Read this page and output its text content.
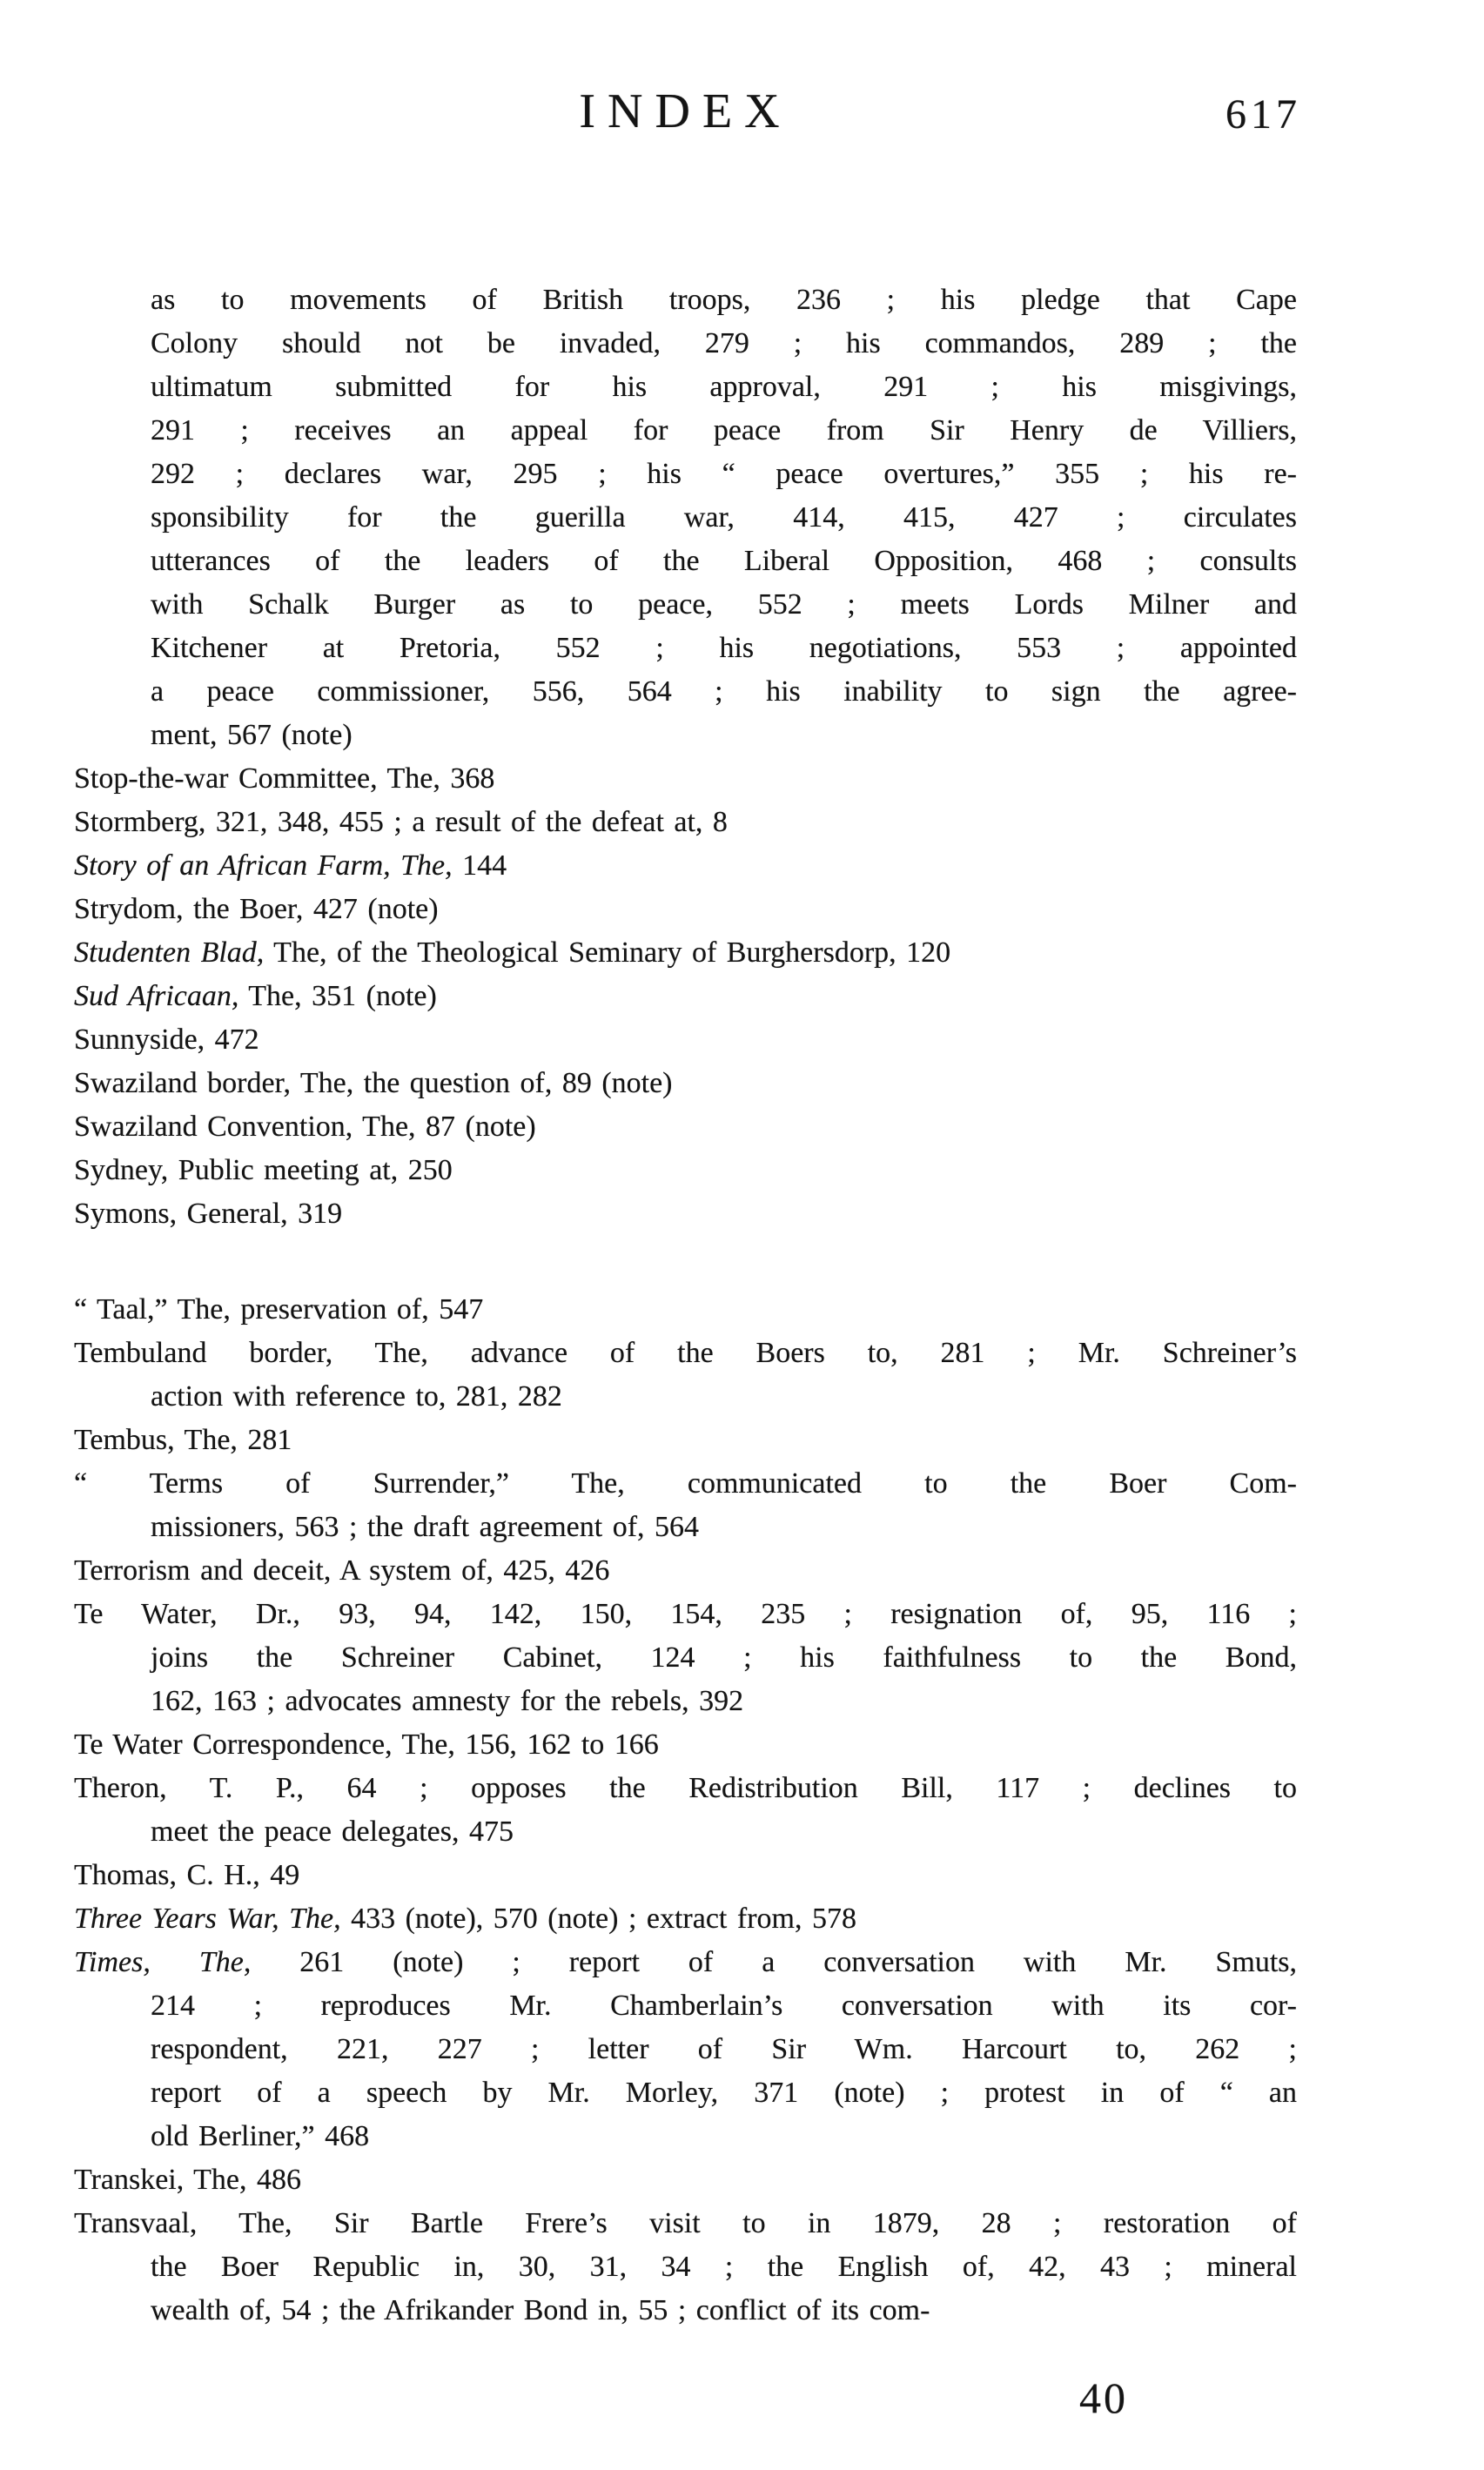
INDEX	617
as to movements of British troops, 236 ; his pledge that Cape
Colony should not be invaded, 279 ; his commandos, 289 ; the
ultimatum submitted for his approval, 291 ; his misgivings,
291 ; receives an appeal for peace from Sir Henry de Villiers,
292 ; declares war, 295 ; his “ peace overtures,” 355 ; his re-
sponsibility for the guerilla war, 414, 415, 427 ; circulates
utterances of the leaders of the Liberal Opposition, 468 ; consults
with Schalk Burger as to peace, 552 ; meets Lords Milner and
Kitchener at Pretoria, 552 ; his negotiations, 553 ; appointed
a peace commissioner, 556, 564 ; his inability to sign the agree-
ment, 567 (note)
Stop-the-war Committee, The, 368
Stormberg, 321, 348, 455 ; a result of the defeat at, 8
Story of an African Farm, The, 144
Strydom, the Boer, 427 (note)
Studenten Blad, The, of the Theological Seminary of Burghersdorp, 120
Sud Africaan, The, 351 (note)
Sunnyside, 472
Swaziland border, The, the question of, 89 (note)
Swaziland Convention, The, 87 (note)
Sydney, Public meeting at, 250
Symons, General, 319
“ Taal,” The, preservation of, 547
Tembuland border, The, advance of the Boers to, 281 ; Mr. Schreiner’s
action with reference to, 281, 282
Tembus, The, 281
“ Terms of Surrender,” The, communicated to the Boer Com-
missioners, 563 ; the draft agreement of, 564
Terrorism and deceit, A system of, 425, 426
Te Water, Dr., 93, 94, 142, 150, 154, 235 ; resignation of, 95, 116 ;
joins the Schreiner Cabinet, 124 ; his faithfulness to the Bond,
162, 163 ; advocates amnesty for the rebels, 392
Te Water Correspondence, The, 156, 162 to 166
Theron, T. P., 64 ; opposes the Redistribution Bill, 117 ; declines to
meet the peace delegates, 475
Thomas, C. H., 49
Three Years War, The, 433 (note), 570 (note) ; extract from, 578
Times, The, 261 (note) ; report of a conversation with Mr. Smuts,
214 ; reproduces Mr. Chamberlain’s conversation with its cor-
respondent, 221, 227 ; letter of Sir Wm. Harcourt to, 262 ;
report of a speech by Mr. Morley, 371 (note) ; protest in of “ an
old Berliner,” 468
Transkei, The, 486
Transvaal, The, Sir Bartle Frere’s visit to in 1879, 28 ; restoration of
the Boer Republic in, 30, 31, 34 ; the English of, 42, 43 ; mineral
wealth of, 54 ; the Afrikander Bond in, 55 ; conflict of its com-
40
